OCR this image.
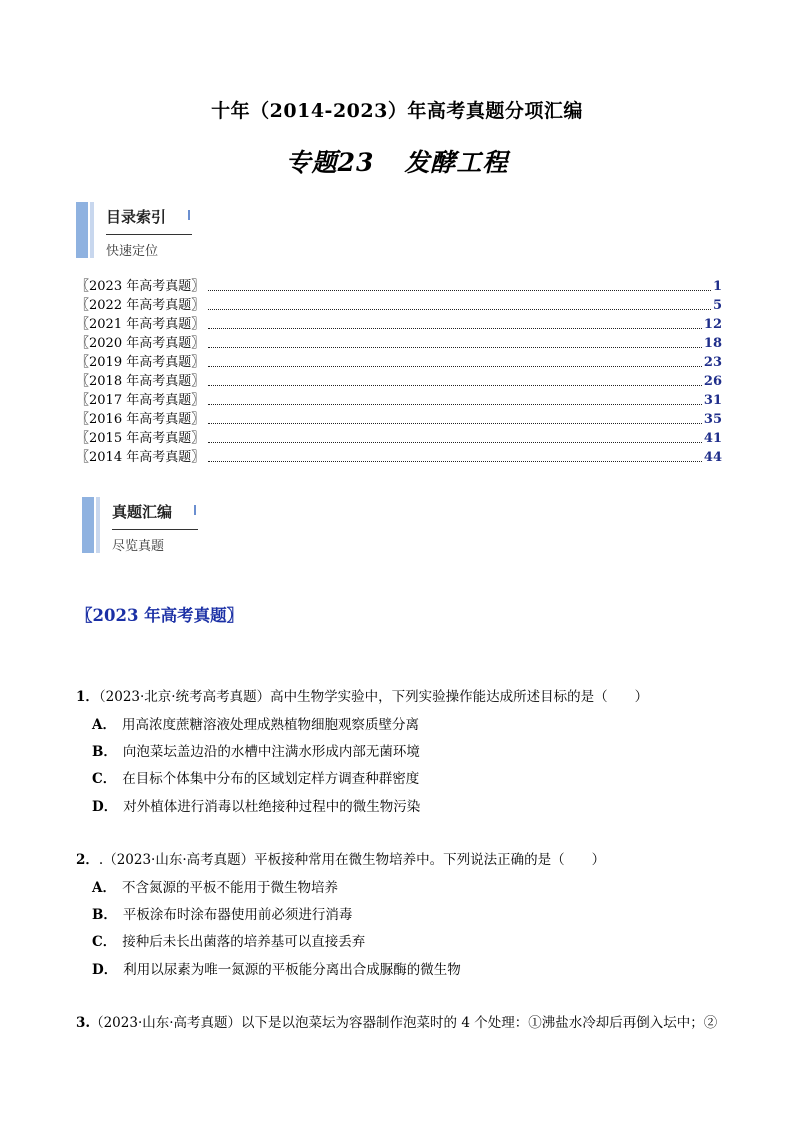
十年（2014-2023）年高考真题分项汇编
专题23 发酵工程
目录索引
快速定位
〖2023 年高考真题〗	1
〖2022 年高考真题〗	5
〖2021 年高考真题〗	12
〖2020 年高考真题〗	18
〖2019 年高考真题〗	23
〖2018 年高考真题〗	26
〖2017 年高考真题〗	31
〖2016 年高考真题〗	35
〖2015 年高考真题〗	41
〖2014 年高考真题〗	44
真题汇编
尽览真题
〖2023 年高考真题〗
1．（2023·北京·统考高考真题）高中生物学实验中，下列实验操作能达成所述目标的是（　　）
A． 用高浓度蔗糖溶液处理成熟植物细胞观察质壁分离
B． 向泡菜坛盖边沿的水槽中注满水形成内部无菌环境
C． 在目标个体集中分布的区域划定样方调查种群密度
D． 对外植体进行消毒以杜绝接种过程中的微生物污染
2．.（2023·山东·高考真题）平板接种常用在微生物培养中。下列说法正确的是（　　）
A． 不含氮源的平板不能用于微生物培养
B． 平板涂布时涂布器使用前必须进行消毒
C． 接种后未长出菌落的培养基可以直接丢弃
D． 利用以尿素为唯一氮源的平板能分离出合成脲酶的微生物
3.（2023·山东·高考真题）以下是以泡菜坛为容器制作泡菜时的 4 个处理：①沸盐水冷却后再倒入坛中；②
